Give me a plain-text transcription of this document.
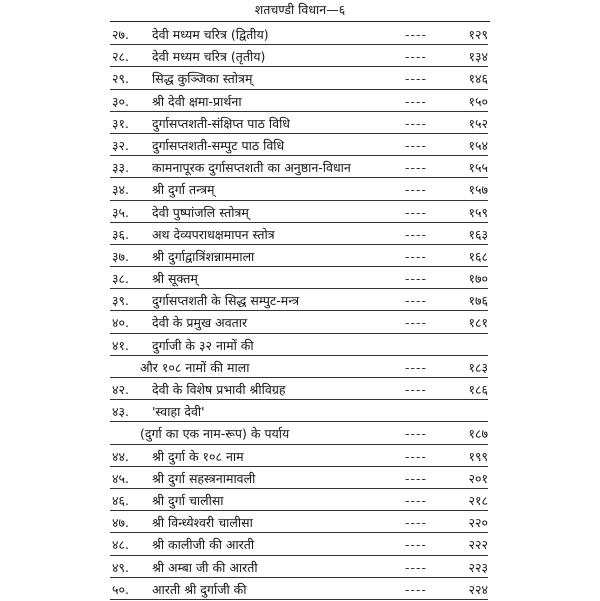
शतचण्डी विधान—६
२७. देवी मध्यम चरित्र (द्वितीय)	----	१२९
२८. देवी मध्यम चरित्र (तृतीय)	----	१३४
२९. सिद्ध कुञ्जिका स्तोत्रम्	----	१४६
३०. श्री देवी क्षमा-प्रार्थना	----	१५०
३१. दुर्गासप्तशती-संक्षिप्त पाठ विधि	----	१५२
३२. दुर्गासप्तशती-सम्पुट पाठ विधि	----	१५४
३३. कामनापूरक दुर्गासप्तशती का अनुष्ठान-विधान	----	१५५
३४. श्री दुर्गा तन्त्रम्	----	१५७
३५. देवी पुष्पांजलि स्तोत्रम्	----	१५९
३६. अथ देव्यपराधक्षमापन स्तोत्र	----	१६३
३७. श्री दुर्गाद्वात्रिंशन्नाममाला	----	१६८
३८. श्री सूक्तम्	----	१७०
३९. दुर्गासप्तशती के सिद्ध सम्पुट-मन्त्र	----	१७६
४०. देवी के प्रमुख अवतार	----	१८१
४१. दुर्गाजी के ३२ नामों की
और १०८ नामों की माला	----	१८३
४२. देवी के विशेष प्रभावी श्रीविग्रह	----	१८६
४३. 'स्वाहा देवी'
(दुर्गा का एक नाम-रूप) के पर्याय	----	१८७
४४. श्री दुर्गा के १०८ नाम	----	१९९
४५. श्री दुर्गा सहस्त्रनामावली	----	२०१
४६. श्री दुर्गा चालीसा	----	२१८
४७. श्री विन्ध्येश्वरी चालीसा	----	२२०
४८. श्री कालीजी की आरती	----	२२२
४९. श्री अम्बा जी की आरती	----	२२३
५०. आरती श्री दुर्गाजी की	----	२२४
